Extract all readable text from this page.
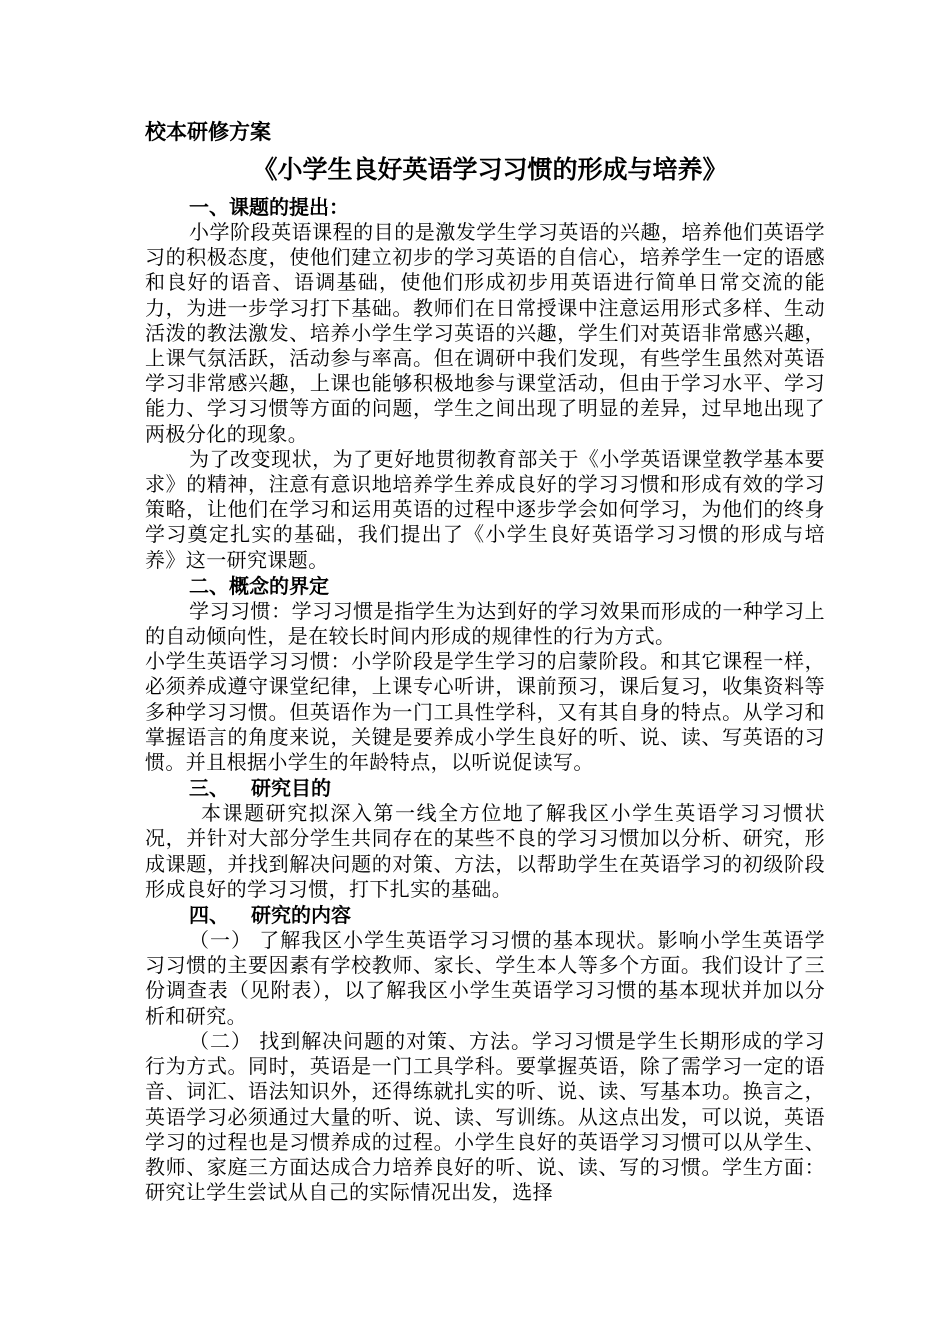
校本研修方案
《小学生良好英语学习习惯的形成与培养》
一、课题的提出：
小学阶段英语课程的目的是激发学生学习英语的兴趣，培养他们英语学习的积极态度，使他们建立初步的学习英语的自信心，培养学生一定的语感和良好的语音、语调基础，使他们形成初步用英语进行简单日常交流的能力，为进一步学习打下基础。教师们在日常授课中注意运用形式多样、生动活泼的教法激发、培养小学生学习英语的兴趣，学生们对英语非常感兴趣，上课气氛活跃，活动参与率高。但在调研中我们发现，有些学生虽然对英语学习非常感兴趣，上课也能够积极地参与课堂活动，但由于学习水平、学习能力、学习习惯等方面的问题，学生之间出现了明显的差异，过早地出现了两极分化的现象。
为了改变现状，为了更好地贯彻教育部关于《小学英语课堂教学基本要求》的精神，注意有意识地培养学生养成良好的学习习惯和形成有效的学习策略，让他们在学习和运用英语的过程中逐步学会如何学习，为他们的终身学习奠定扎实的基础，我们提出了《小学生良好英语学习习惯的形成与培养》这一研究课题。
二、概念的界定
学习习惯：学习习惯是指学生为达到好的学习效果而形成的一种学习上的自动倾向性，是在较长时间内形成的规律性的行为方式。
小学生英语学习习惯：小学阶段是学生学习的启蒙阶段。和其它课程一样，必须养成遵守课堂纪律，上课专心听讲，课前预习，课后复习，收集资料等多种学习习惯。但英语作为一门工具性学科，又有其自身的特点。从学习和掌握语言的角度来说，关键是要养成小学生良好的听、说、读、写英语的习惯。并且根据小学生的年龄特点，以听说促读写。
三、 研究目的
本课题研究拟深入第一线全方位地了解我区小学生英语学习习惯状况，并针对大部分学生共同存在的某些不良的学习习惯加以分析、研究，形成课题，并找到解决问题的对策、方法，以帮助学生在英语学习的初级阶段形成良好的学习习惯，打下扎实的基础。
四、 研究的内容
（一） 了解我区小学生英语学习习惯的基本现状。影响小学生英语学习习惯的主要因素有学校教师、家长、学生本人等多个方面。我们设计了三份调查表（见附表），以了解我区小学生英语学习习惯的基本现状并加以分析和研究。
（二） 找到解决问题的对策、方法。学习习惯是学生长期形成的学习行为方式。同时，英语是一门工具学科。要掌握英语，除了需学习一定的语音、词汇、语法知识外，还得练就扎实的听、说、读、写基本功。换言之，英语学习必须通过大量的听、说、读、写训练。从这点出发，可以说，英语学习的过程也是习惯养成的过程。小学生良好的英语学习习惯可以从学生、教师、家庭三方面达成合力培养良好的听、说、读、写的习惯。学生方面：研究让学生尝试从自己的实际情况出发，选择
